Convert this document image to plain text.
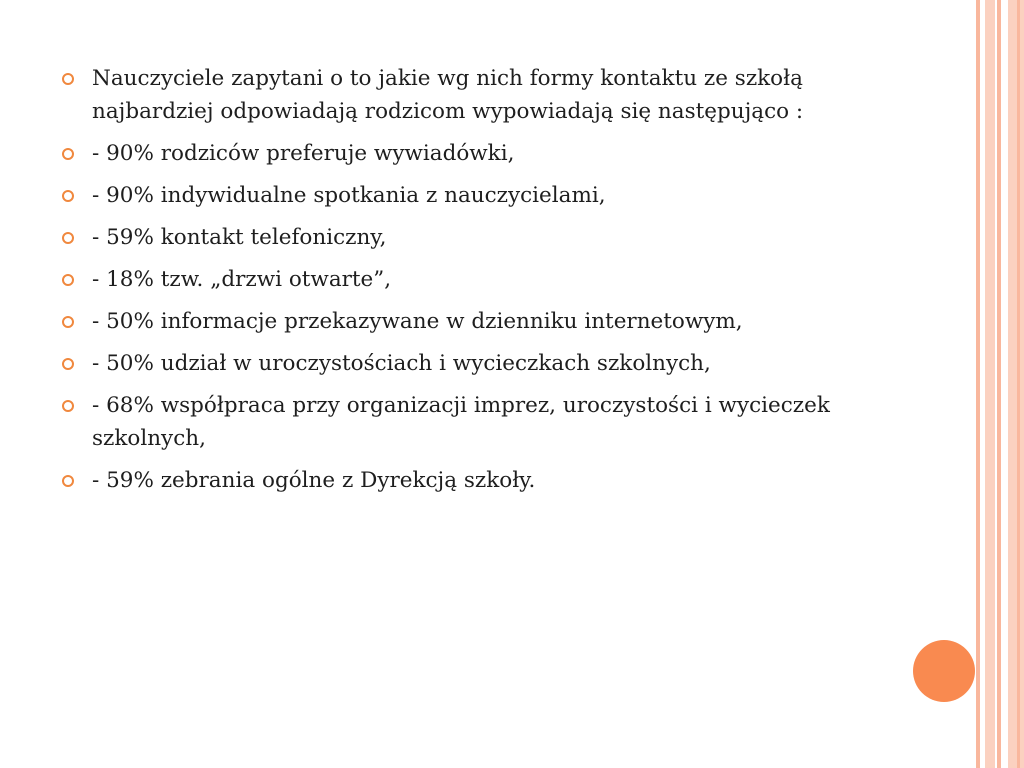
Nauczyciele zapytani o to jakie wg nich formy kontaktu ze szkołą najbardziej odpowiadają rodzicom wypowiadają się następująco :
- 90% rodziców preferuje wywiadówki,
- 90% indywidualne spotkania z nauczycielami,
- 59% kontakt telefoniczny,
- 18% tzw. „drzwi otwarte”,
- 50% informacje przekazywane w dzienniku internetowym,
- 50% udział w uroczystościach i wycieczkach szkolnych,
- 68% współpraca przy organizacji imprez, uroczystości i wycieczek szkolnych,
- 59% zebrania ogólne z Dyrekcją szkoły.
